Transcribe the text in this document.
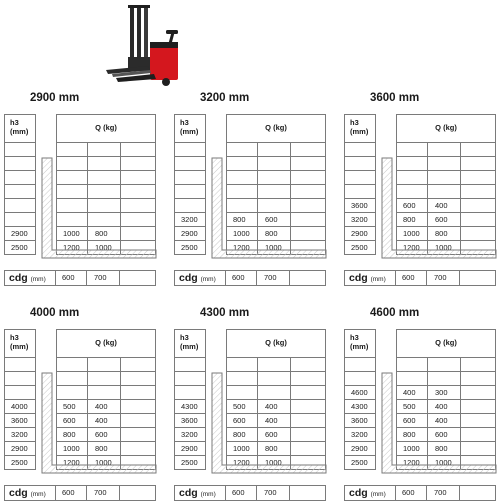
2900 mm
h3
(mm)	Q (kg)
2900	1000	800
2500	1200	1000
cdg (mm)	600	700
3200 mm
h3
(mm)	Q (kg)
3200	800	600
2900	1000	800
2500	1200	1000
cdg (mm)	600	700
3600 mm
h3
(mm)	Q (kg)
3600	600	400
3200	800	600
2900	1000	800
2500	1200	1000
cdg (mm)	600	700
4000 mm
h3
(mm)	Q (kg)
4000	500	400
3600	600	400
3200	800	600
2900	1000	800
2500	1200	1000
cdg (mm)	600	700
4300 mm
h3
(mm)	Q (kg)
4300	500	400
3600	600	400
3200	800	600
2900	1000	800
2500	1200	1000
cdg (mm)	600	700
4600 mm
h3
(mm)	Q (kg)
4600	400	300
4300	500	400
3600	600	400
3200	800	600
2900	1000	800
2500	1200	1000
cdg (mm)	600	700
